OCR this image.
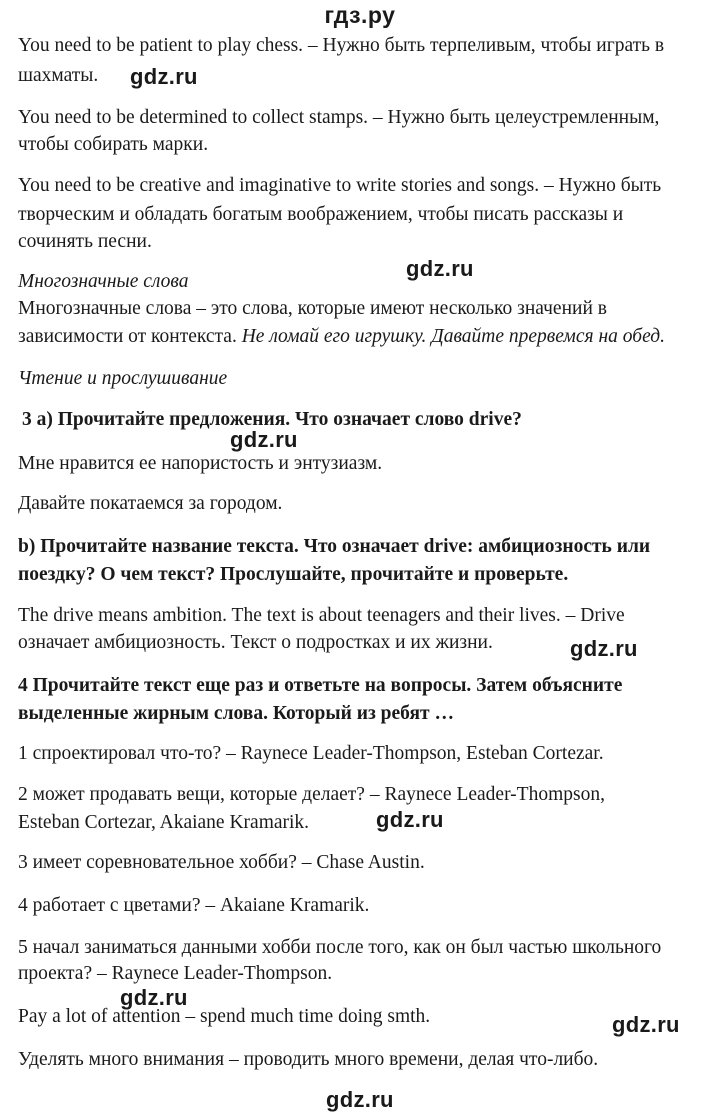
гдз.ру
You need to be patient to play chess. – Нужно быть терпеливым, чтобы играть в
шахматы.
You need to be determined to collect stamps. – Нужно быть целеустремленным,
чтобы собирать марки.
You need to be creative and imaginative to write stories and songs. – Нужно быть
творческим и обладать богатым воображением, чтобы писать рассказы и
сочинять песни.
Многозначные слова
Многозначные слова – это слова, которые имеют несколько значений в
зависимости от контекста. Не ломай его игрушку. Давайте прервемся на обед.
Чтение и прослушивание
3 а) Прочитайте предложения. Что означает слово drive?
Мне нравится ее напористость и энтузиазм.
Давайте покатаемся за городом.
b) Прочитайте название текста. Что означает drive: амбициозность или
поездку? О чем текст? Прослушайте, прочитайте и проверьте.
The drive means ambition. The text is about teenagers and their lives. – Drive
означает амбициозность. Текст о подростках и их жизни.
4 Прочитайте текст еще раз и ответьте на вопросы. Затем объясните
выделенные жирным слова. Который из ребят …
1 спроектировал что-то? – Raynece Leader-Thompson, Esteban Cortezar.
2 может продавать вещи, которые делает? – Raynece Leader-Thompson,
Esteban Cortezar, Akaiane Kramarik.
3 имеет соревновательное хобби? – Chase Austin.
4 работает с цветами? – Akaiane Kramarik.
5 начал заниматься данными хобби после того, как он был частью школьного
проекта? – Raynece Leader-Thompson.
Pay a lot of attention – spend much time doing smth.
Уделять много внимания – проводить много времени, делая что-либо.
gdz.ru
gdz.ru
gdz.ru
gdz.ru
gdz.ru
gdz.ru
gdz.ru
gdz.ru
